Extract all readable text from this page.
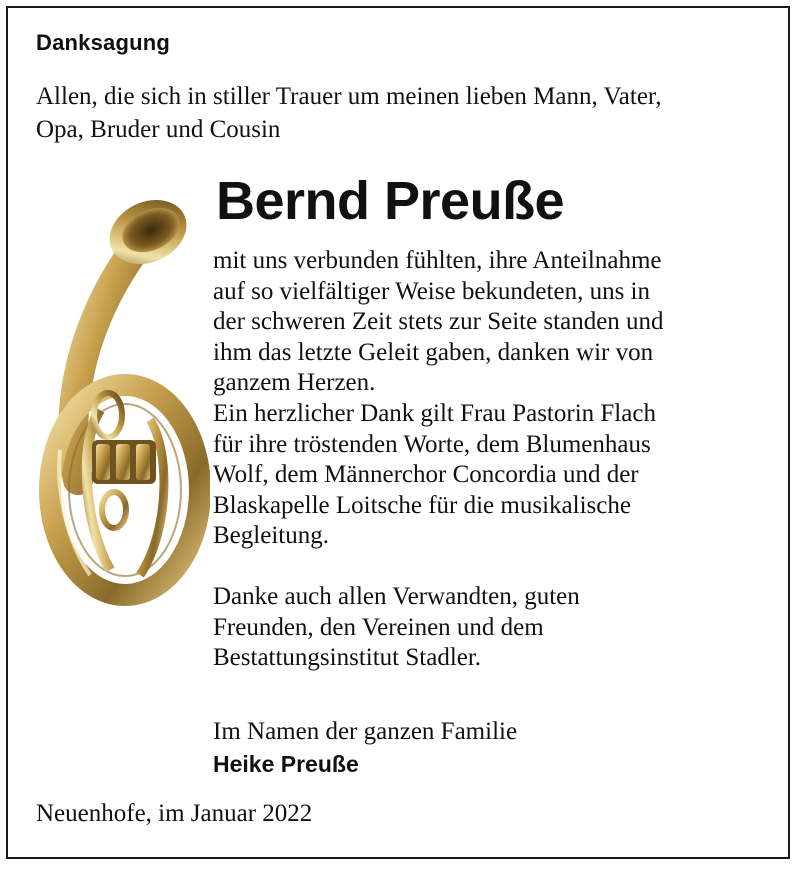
Danksagung
Allen, die sich in stiller Trauer um meinen lieben Mann, Vater,
Opa, Bruder und Cousin
Bernd Preuße

mit uns verbunden fühlten, ihre Anteilnahme

auf so vielfältiger Weise bekundeten, uns in

der schweren Zeit stets zur Seite standen und

ihm das letzte Geleit gaben, danken wir von

ganzem Herzen.

Ein herzlicher Dank gilt Frau Pastorin Flach

für ihre tröstenden Worte, dem Blumenhaus

Wolf, dem Männerchor Concordia und der

Blaskapelle Loitsche für die musikalische

Begleitung.

Danke auch allen Verwandten, guten

Freunden, den Vereinen und dem

Bestattungsinstitut Stadler.

Im Namen der ganzen Familie
Heike Preuße
Neuenhofe, im Januar 2022
